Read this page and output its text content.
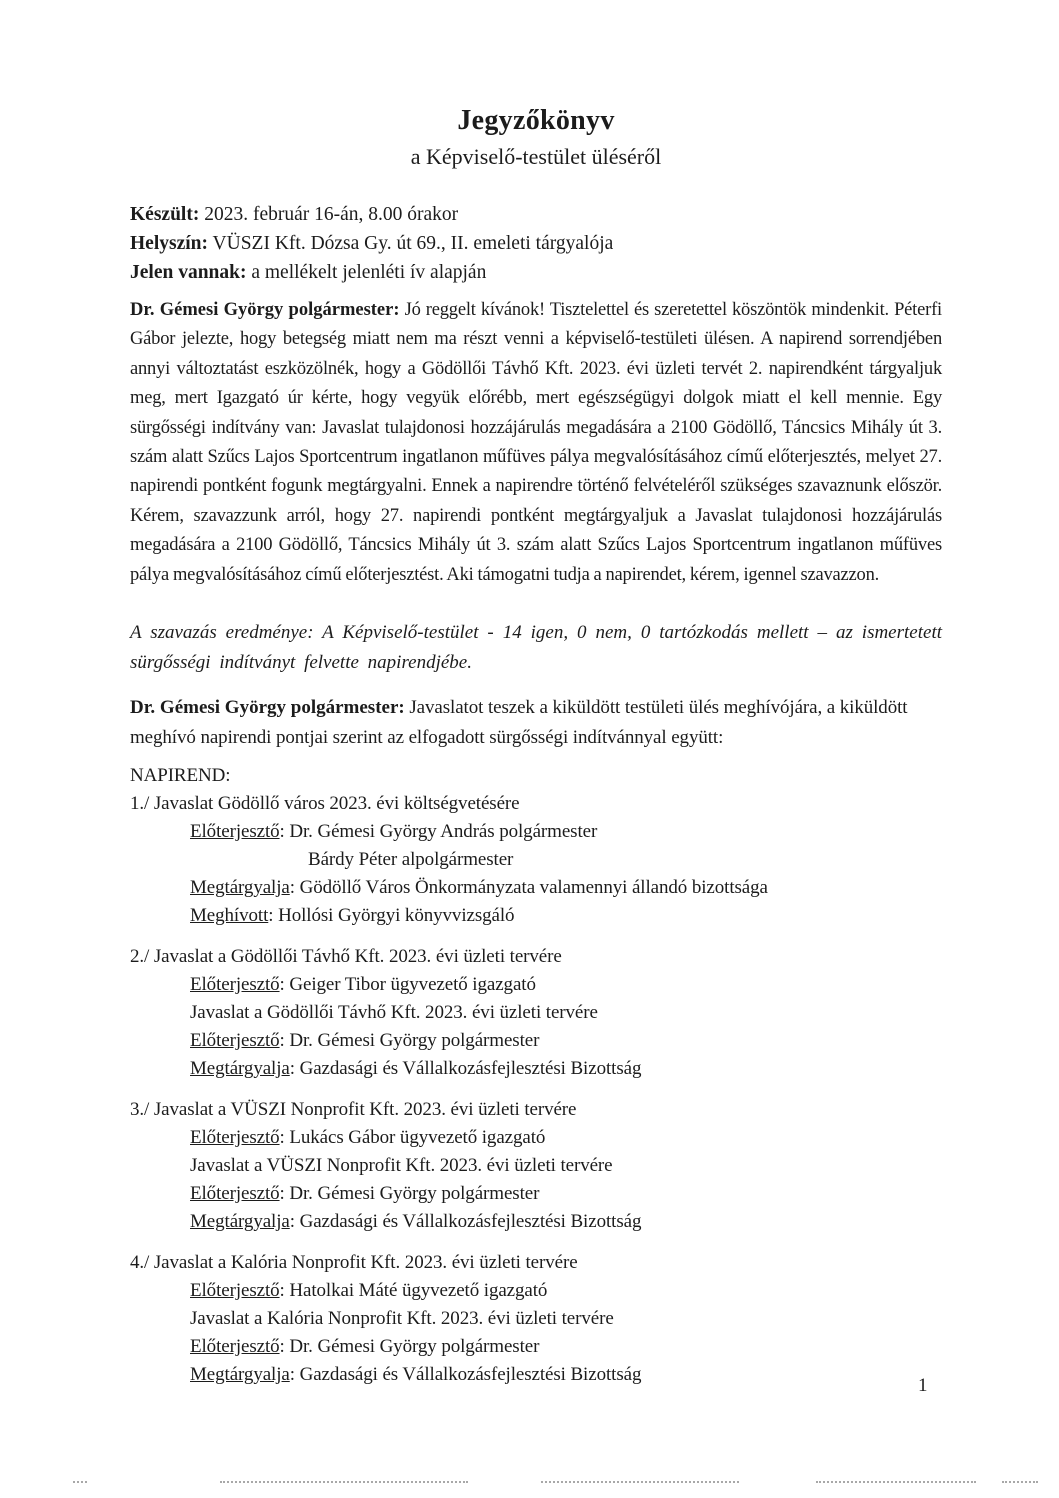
Jegyzőkönyv
a Képviselő-testület üléséről
Készült: 2023. február 16-án, 8.00 órakor
Helyszín: VÜSZI Kft. Dózsa Gy. út 69., II. emeleti tárgyalója
Jelen vannak: a mellékelt jelenléti ív alapján
Dr. Gémesi György polgármester: Jó reggelt kívánok! Tisztelettel és szeretettel köszöntök mindenkit. Péterfi Gábor jelezte, hogy betegség miatt nem ma részt venni a képviselő-testületi ülésen. A napirend sorrendjében annyi változtatást eszközölnék, hogy a Gödöllői Távhő Kft. 2023. évi üzleti tervét 2. napirendként tárgyaljuk meg, mert Igazgató úr kérte, hogy vegyük előrébb, mert egészségügyi dolgok miatt el kell mennie. Egy sürgősségi indítvány van: Javaslat tulajdonosi hozzájárulás megadására a 2100 Gödöllő, Táncsics Mihály út 3. szám alatt Szűcs Lajos Sportcentrum ingatlanon műfüves pálya megvalósításához című előterjesztés, melyet 27. napirendi pontként fogunk megtárgyalni. Ennek a napirendre történő felvételéről szükséges szavaznunk először. Kérem, szavazzunk arról, hogy 27. napirendi pontként megtárgyaljuk a Javaslat tulajdonosi hozzájárulás megadására a 2100 Gödöllő, Táncsics Mihály út 3. szám alatt Szűcs Lajos Sportcentrum ingatlanon műfüves pálya megvalósításához című előterjesztést. Aki támogatni tudja a napirendet, kérem, igennel szavazzon.
A szavazás eredménye: A Képviselő-testület - 14 igen, 0 nem, 0 tartózkodás mellett – az ismertetett sürgősségi indítványt felvette napirendjébe.
Dr. Gémesi György polgármester: Javaslatot teszek a kiküldött testületi ülés meghívójára, a kiküldött meghívó napirendi pontjai szerint az elfogadott sürgősségi indítvánnyal együtt:
NAPIREND:
1./ Javaslat Gödöllő város 2023. évi költségvetésére
Előterjesztő: Dr. Gémesi György András polgármester
Bárdy Péter alpolgármester
Megtárgyalja: Gödöllő Város Önkormányzata valamennyi állandó bizottsága
Meghívott: Hollósi Györgyi könyvvizsgáló
2./ Javaslat a Gödöllői Távhő Kft. 2023. évi üzleti tervére
Előterjesztő: Geiger Tibor ügyvezető igazgató
Javaslat a Gödöllői Távhő Kft. 2023. évi üzleti tervére
Előterjesztő: Dr. Gémesi György polgármester
Megtárgyalja: Gazdasági és Vállalkozásfejlesztési Bizottság
3./ Javaslat a VÜSZI Nonprofit Kft. 2023. évi üzleti tervére
Előterjesztő: Lukács Gábor ügyvezető igazgató
Javaslat a VÜSZI Nonprofit Kft. 2023. évi üzleti tervére
Előterjesztő: Dr. Gémesi György polgármester
Megtárgyalja: Gazdasági és Vállalkozásfejlesztési Bizottság
4./ Javaslat a Kalória Nonprofit Kft. 2023. évi üzleti tervére
Előterjesztő: Hatolkai Máté ügyvezető igazgató
Javaslat a Kalória Nonprofit Kft. 2023. évi üzleti tervére
Előterjesztő: Dr. Gémesi György polgármester
Megtárgyalja: Gazdasági és Vállalkozásfejlesztési Bizottság
1
